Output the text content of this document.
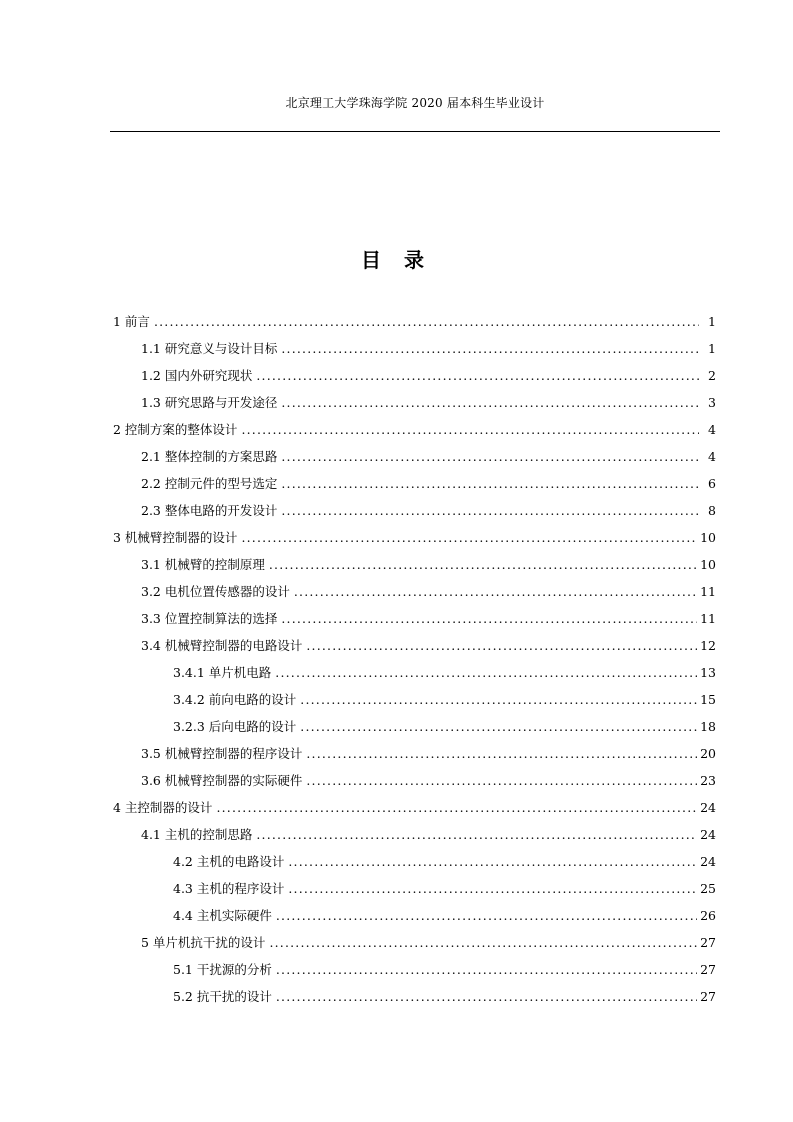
北京理工大学珠海学院 2020 届本科生毕业设计
目 录
1 前言 .....	1
1.1 研究意义与设计目标 .....	1
1.2 国内外研究现状 .....	2
1.3 研究思路与开发途径 .....	3
2 控制方案的整体设计 .....	4
2.1 整体控制的方案思路 .....	4
2.2 控制元件的型号选定 .....	6
2.3 整体电路的开发设计 .....	8
3 机械臂控制器的设计 .....	10
3.1 机械臂的控制原理 .....	10
3.2 电机位置传感器的设计 .....	11
3.3 位置控制算法的选择 .....	11
3.4 机械臂控制器的电路设计 .....	12
3.4.1 单片机电路 .....	13
3.4.2 前向电路的设计 .....	15
3.2.3 后向电路的设计 .....	18
3.5 机械臂控制器的程序设计 .....	20
3.6 机械臂控制器的实际硬件 .....	23
4 主控制器的设计 .....	24
4.1 主机的控制思路 .....	24
4.2 主机的电路设计 .....	24
4.3 主机的程序设计 .....	25
4.4 主机实际硬件 .....	26
5 单片机抗干扰的设计 .....	27
5.1 干扰源的分析 .....	27
5.2 抗干扰的设计 .....	27
